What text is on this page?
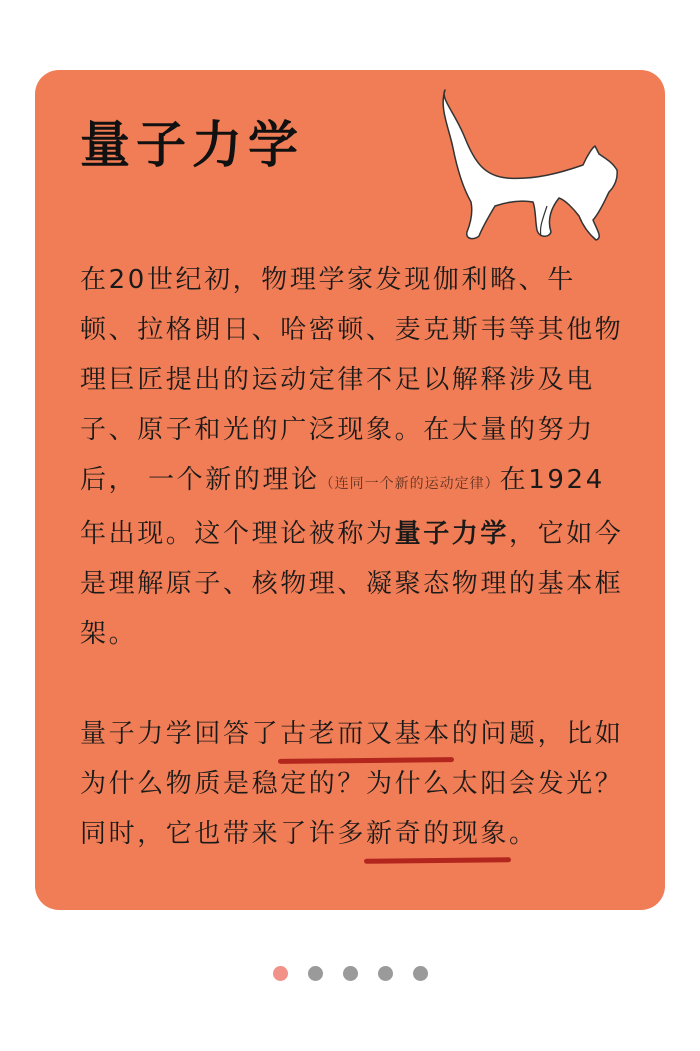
量子力学

在20世纪初，物理学家发现伽利略、牛顿、拉格朗日、哈密顿、麦克斯韦等其他物理巨匠提出的运动定律不足以解释涉及电子、原子和光的广泛现象。在大量的努力后， 一个新的理论（连同一个新的运动定律）在1924年出现。这个理论被称为量子力学，它如今是理解原子、核物理、凝聚态物理的基本框架。

量子力学回答了古老而又基本的问题，比如为什么物质是稳定的？为什么太阳会发光？同时，它也带来了许多新奇的现象。
